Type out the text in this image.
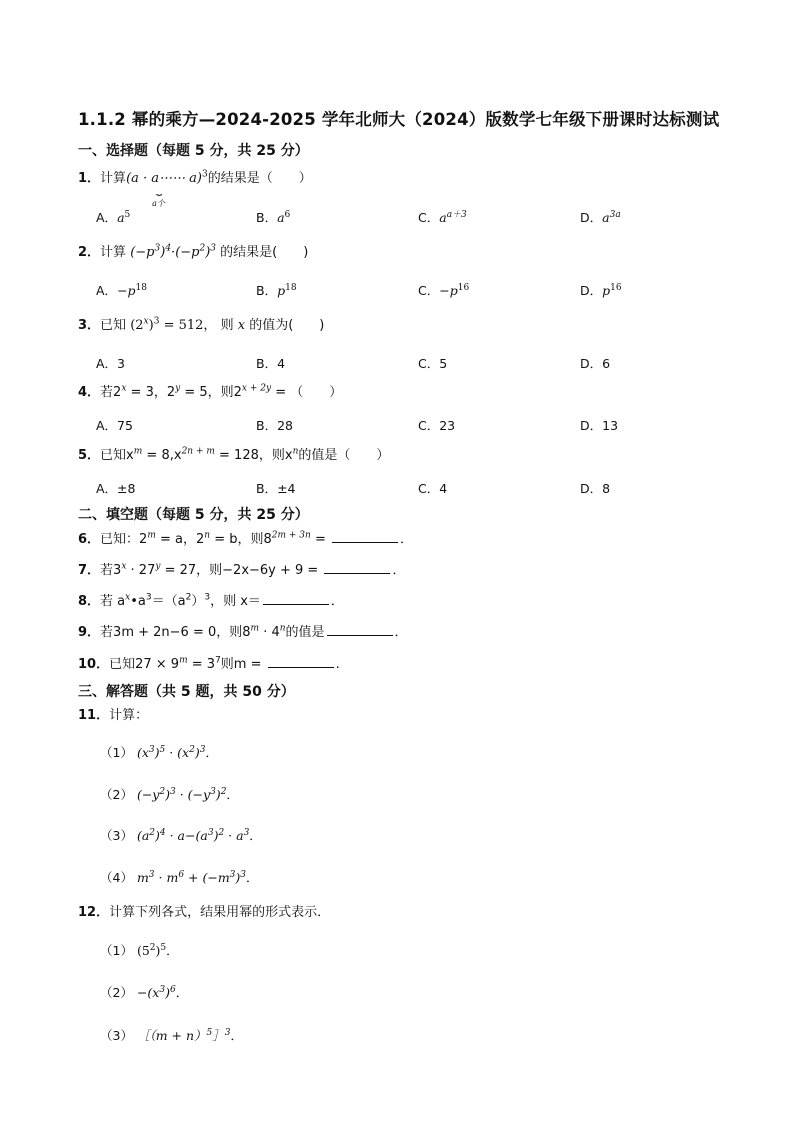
1.1.2 幂的乘方—2024-2025 学年北师大（2024）版数学七年级下册课时达标测试
一、选择题（每题 5 分，共 25 分）
1．计算(a · a⋯⋯ a)$^3$
⏟
a个
的结果是（　　）
A．$a^5$	B．$a^6$	C．$a^{a+3}$	D．$a^{3a}$
2．计算 $(-p^3)^4\cdot(-p^2)^3$ 的结果是(　　)
A．$-p^{18}$	B．$p^{18}$	C．$-p^{16}$	D．$p^{16}$
3．已知 $(2^x)^3 = 512$， 则 x 的值为(　　)
A．3	B．4	C．5	D．6
4．若$2^x = 3$，$2^y = 5$，则$2^{x + 2y}$ = （　　）
A．75	B．28	C．23	D．13
5．已知$x^m = 8,x^{2n + m} = 128$，则$x^n$的值是（　　）
A．±8	B．±4	C．4	D．8
二、填空题（每题 5 分，共 25 分）
6．已知：$2^m = a$，$2^n = b$，则$8^{2m + 3n}$ =	．
7．若$3^x \cdot 27^y = 27$，则−2x−6y + 9 =	．
8．若 $a^x•a^3=(a^2)^3$，则 x＝	．
9．若3m + 2n−6 = 0，则$8^m \cdot 4^n$的值是	．
10．已知$27 \times 9^m = 3^7$则m =	.
三、解答题（共 5 题，共 50 分）
11．计算：
（1） $(x^3)^5 \cdot (x^2)^3$．
（2） $(-y^2)^3 \cdot (-y^3)^2$．
（3） $(a^2)^4 \cdot a-(a^3)^2 \cdot a^3$．
（4） $m^3 \cdot m^6 + (-m^3)^3$．
12．计算下列各式，结果用幂的形式表示．
（1） $(5^2)^5$．
$(2) -(x^3)^6$．
（3） ［（m + n）$^5$］$^3$．
